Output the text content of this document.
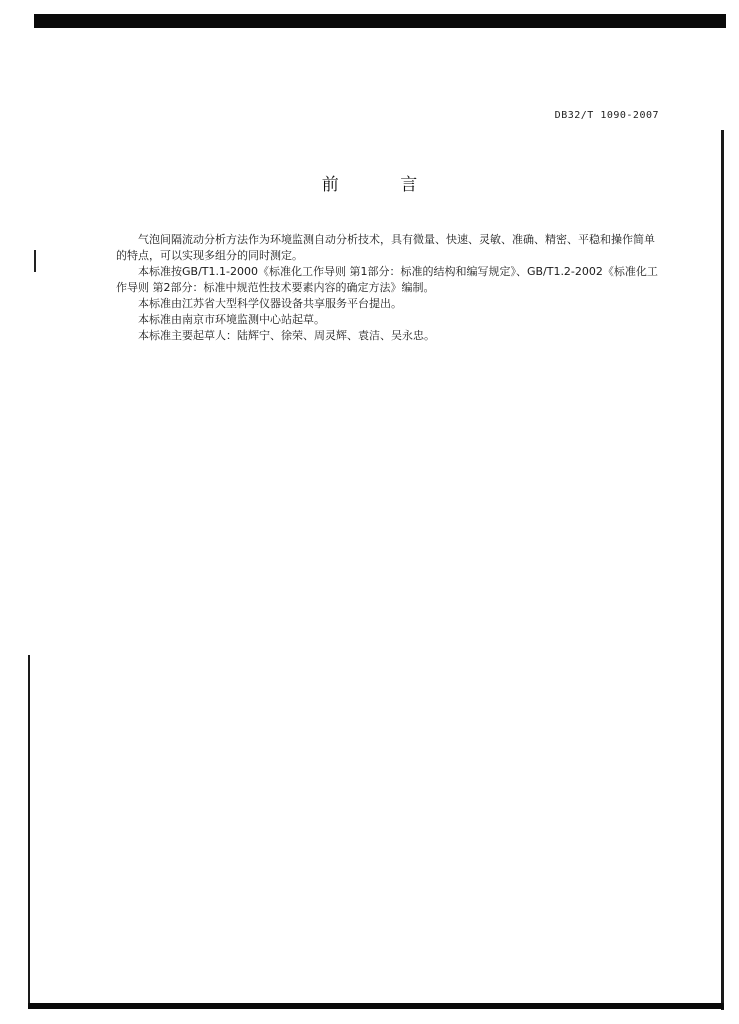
DB32/T 1090-2007
前 言

气泡间隔流动分析方法作为环境监测自动分析技术，具有微量、快速、灵敏、准确、精密、平稳和操作简单的特点，可以实现多组分的同时测定。

本标准按GB/T1.1-2000《标准化工作导则 第1部分：标准的结构和编写规定》、GB/T1.2-2002《标准化工作导则 第2部分：标准中规范性技术要素内容的确定方法》编制。

本标准由江苏省大型科学仪器设备共享服务平台提出。

本标准由南京市环境监测中心站起草。

本标准主要起草人：陆辉宁、徐荣、周灵辉、袁洁、吴永忠。
